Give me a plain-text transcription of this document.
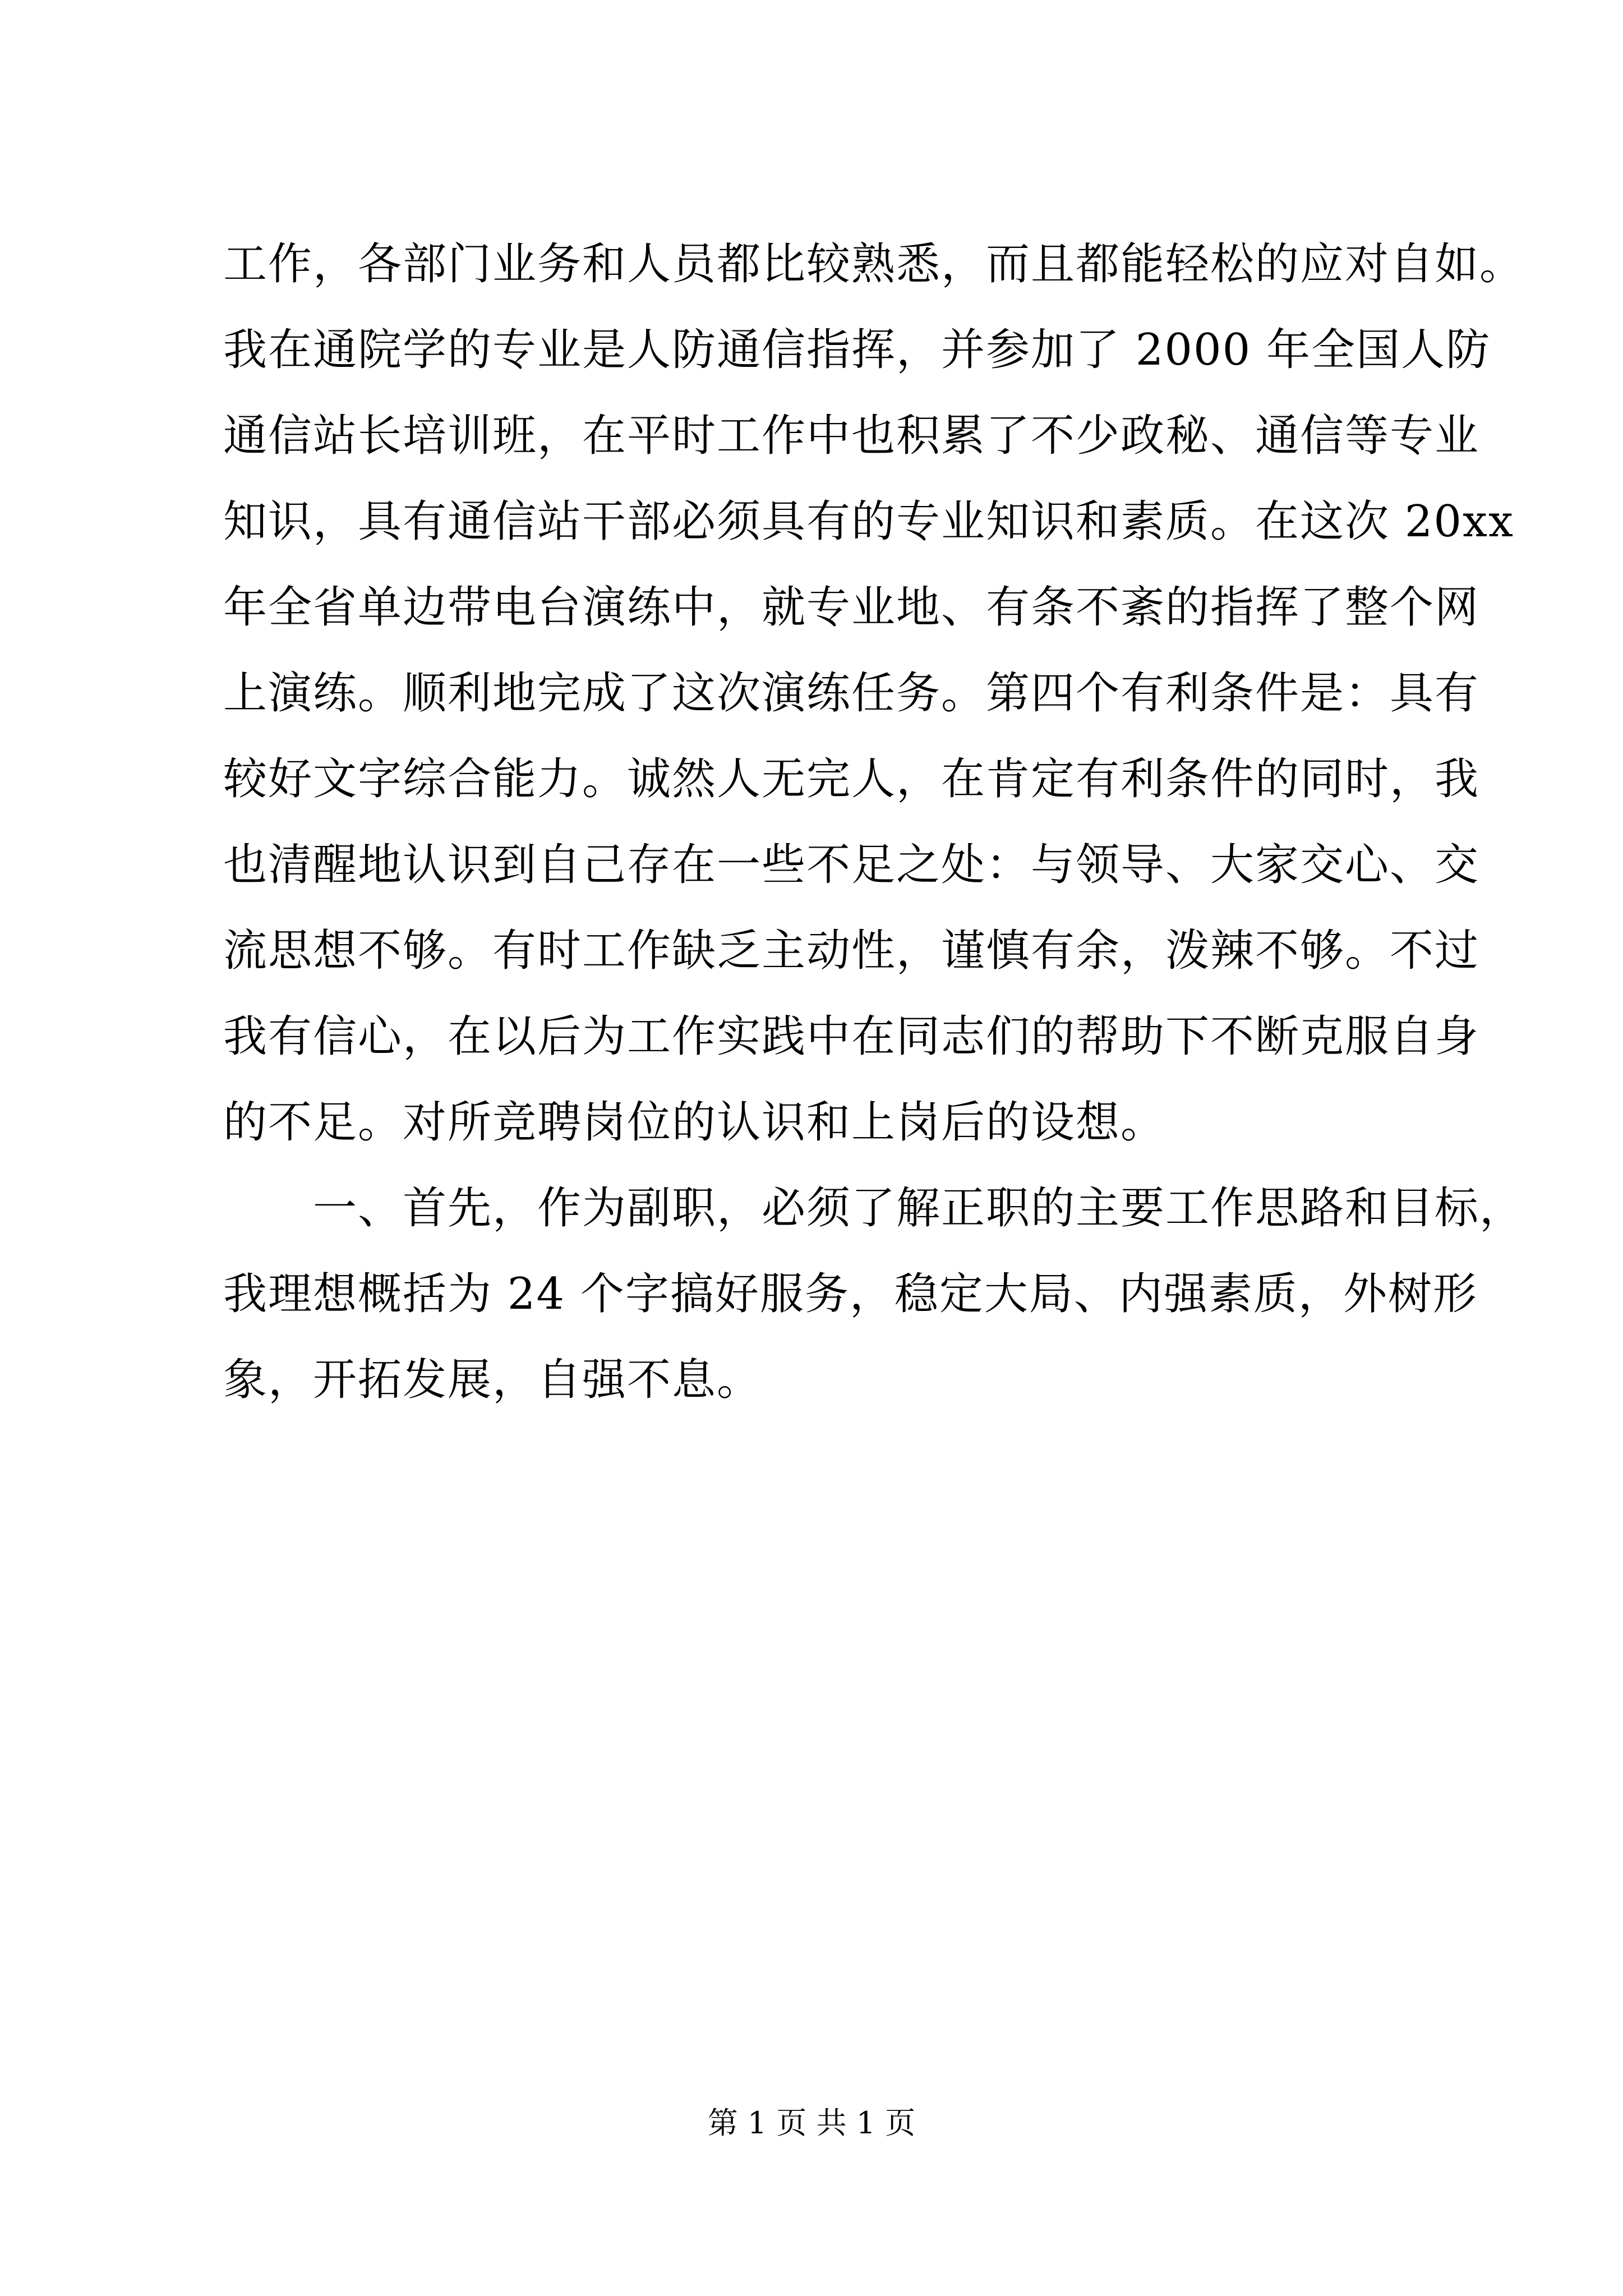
工作，各部门业务和人员都比较熟悉，而且都能轻松的应对自如。
我在通院学的专业是人防通信指挥，并参加了 2000 年全国人防
通信站长培训班，在平时工作中也积累了不少政秘、通信等专业
知识，具有通信站干部必须具有的专业知识和素质。在这次 20xx
年全省单边带电台演练中，就专业地、有条不紊的指挥了整个网
上演练。顺利地完成了这次演练任务。第四个有利条件是：具有
较好文字综合能力。诚然人无完人，在肯定有利条件的同时，我
也清醒地认识到自己存在一些不足之处：与领导、大家交心、交
流思想不够。有时工作缺乏主动性，谨慎有余，泼辣不够。不过
我有信心，在以后为工作实践中在同志们的帮助下不断克服自身
的不足。对所竞聘岗位的认识和上岗后的设想。
　　一、首先，作为副职，必须了解正职的主要工作思路和目标，
我理想概括为 24 个字搞好服务，稳定大局、内强素质，外树形
象，开拓发展，自强不息。
第 1 页 共 1 页
